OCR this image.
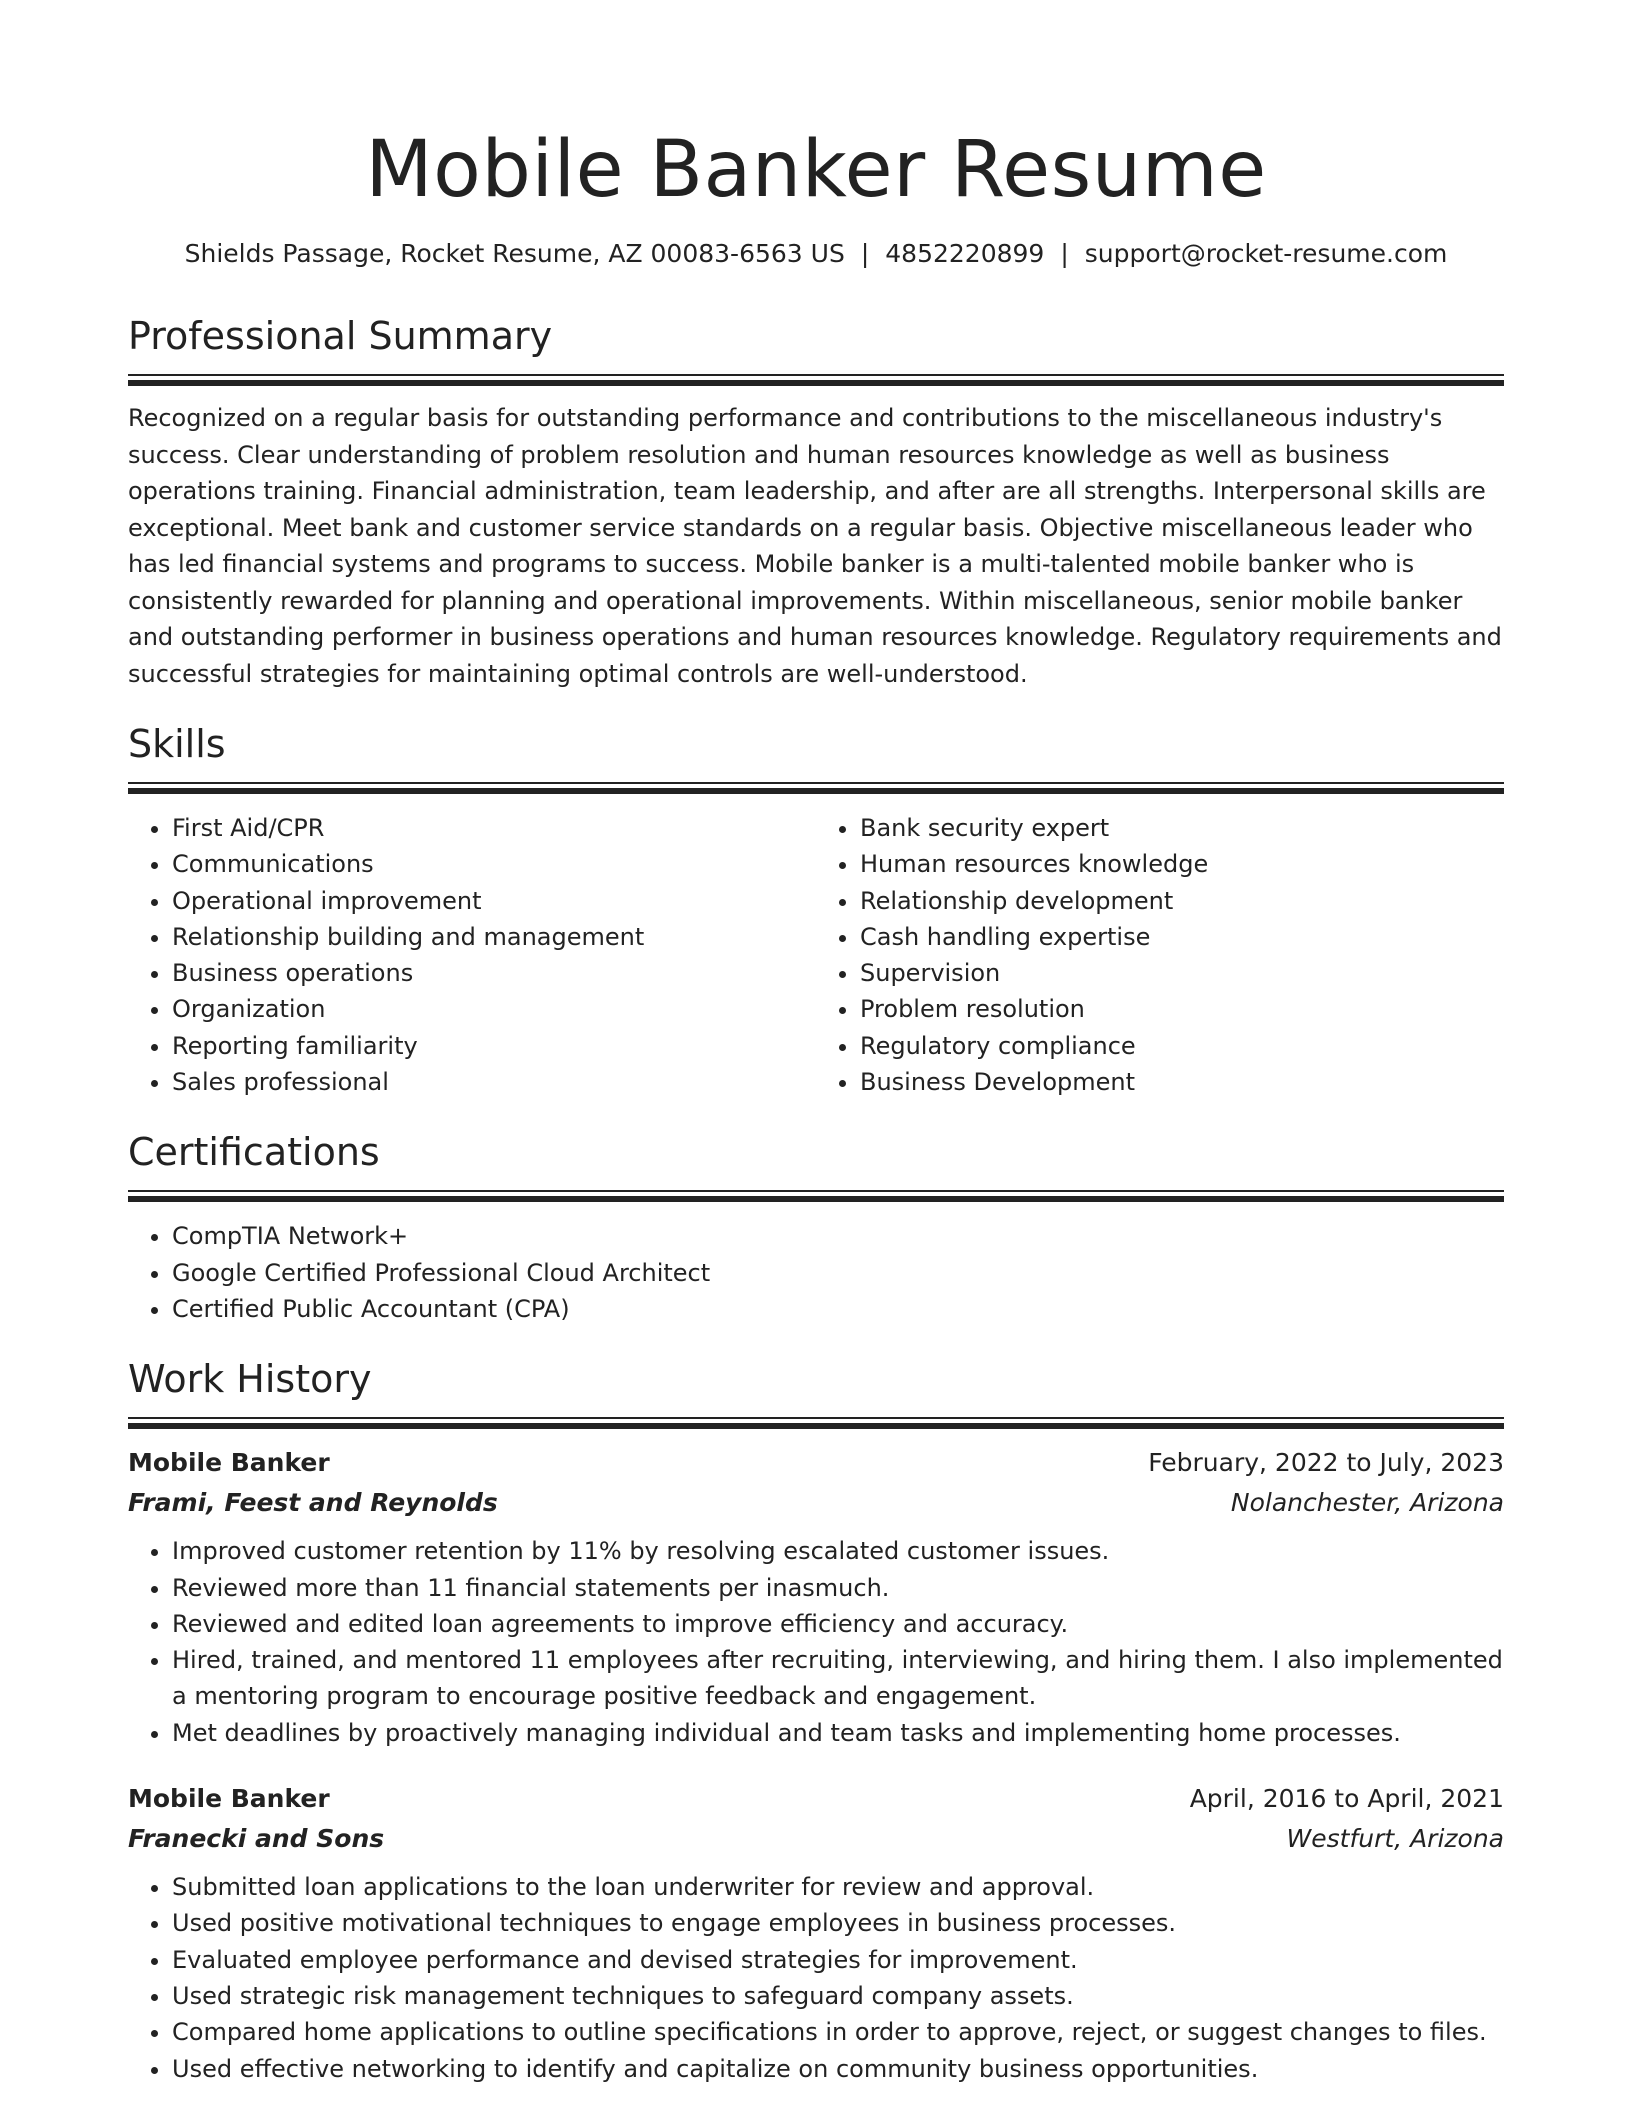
Mobile Banker Resume
Shields Passage, Rocket Resume, AZ 00083-6563 US | 4852220899 | support@rocket-resume.com
Professional Summary

Recognized on a regular basis for outstanding performance and contributions to the miscellaneous industry's success. Clear understanding of problem resolution and human resources knowledge as well as business operations training. Financial administration, team leadership, and after are all strengths. Interpersonal skills are exceptional. Meet bank and customer service standards on a regular basis. Objective miscellaneous leader who has led financial systems and programs to success. Mobile banker is a multi-talented mobile banker who is consistently rewarded for planning and operational improvements. Within miscellaneous, senior mobile banker and outstanding performer in business operations and human resources knowledge. Regulatory requirements and successful strategies for maintaining optimal controls are well-understood.

Skills
• First Aid/CPR
• Communications
• Operational improvement
• Relationship building and management
• Business operations
• Organization
• Reporting familiarity
• Sales professional
• Bank security expert
• Human resources knowledge
• Relationship development
• Cash handling expertise
• Supervision
• Problem resolution
• Regulatory compliance
• Business Development
Certifications
• CompTIA Network+
• Google Certified Professional Cloud Architect
• Certified Public Accountant (CPA)
Work History
Mobile Banker	February, 2022 to July, 2023
Frami, Feest and Reynolds	Nolanchester, Arizona
• Improved customer retention by 11% by resolving escalated customer issues.
• Reviewed more than 11 financial statements per inasmuch.
• Reviewed and edited loan agreements to improve efficiency and accuracy.
• Hired, trained, and mentored 11 employees after recruiting, interviewing, and hiring them. I also implemented a mentoring program to encourage positive feedback and engagement.
• Met deadlines by proactively managing individual and team tasks and implementing home processes.
Mobile Banker	April, 2016 to April, 2021
Franecki and Sons	Westfurt, Arizona
• Submitted loan applications to the loan underwriter for review and approval.
• Used positive motivational techniques to engage employees in business processes.
• Evaluated employee performance and devised strategies for improvement.
• Used strategic risk management techniques to safeguard company assets.
• Compared home applications to outline specifications in order to approve, reject, or suggest changes to files.
• Used effective networking to identify and capitalize on community business opportunities.
